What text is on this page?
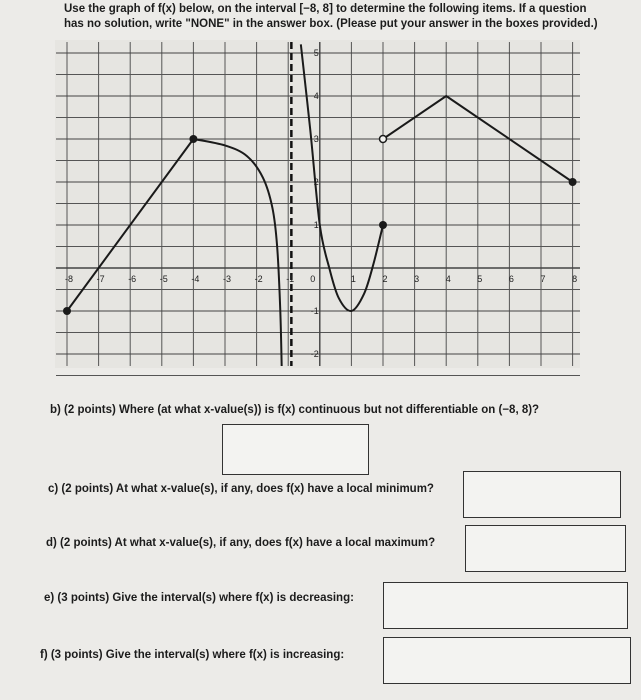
Use the graph of f(x) below, on the interval [−8, 8] to determine the following items. If a question
has no solution, write "NONE" in the answer box. (Please put your answer in the boxes provided.)
-8	-7	-6	-5	-4	-3	-2	-1 0	1	2	3	4	5	6	7	8
5
4
3
2
1
-1
-2
b) (2 points) Where (at what x-value(s)) is f(x) continuous but not differentiable on (−8, 8)?
c) (2 points) At what x-value(s), if any, does f(x) have a local minimum?
d) (2 points) At what x-value(s), if any, does f(x) have a local maximum?
e) (3 points) Give the interval(s) where f(x) is decreasing:
f) (3 points) Give the interval(s) where f(x) is increasing:
